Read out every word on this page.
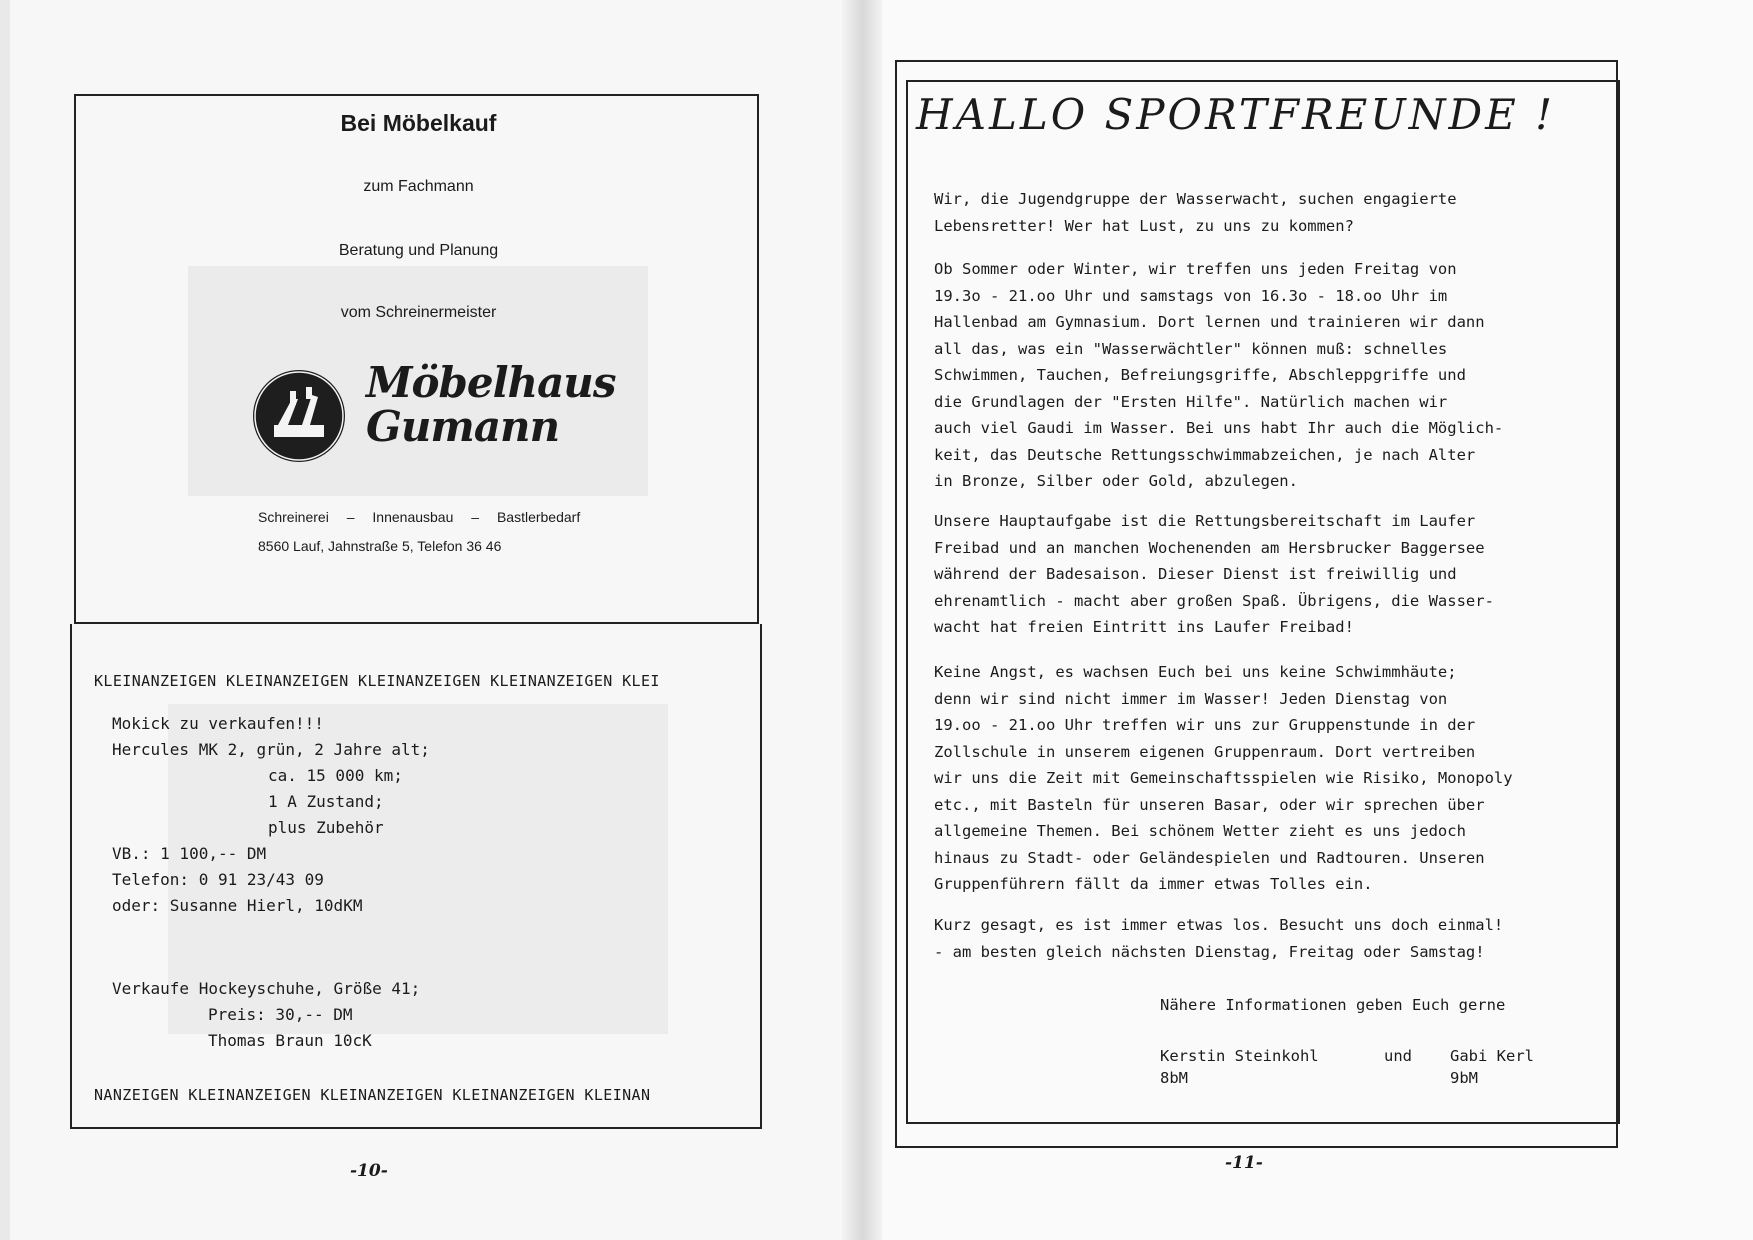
Bei Möbelkauf
zum Fachmann
Beratung und Planung
vom Schreinermeister
Möbelhaus
Gumann
Schreinerei – Innenausbau – Bastlerbedarf
8560 Lauf, Jahnstraße 5, Telefon 36 46
KLEINANZEIGEN KLEINANZEIGEN KLEINANZEIGEN KLEINANZEIGEN KLEI
Mokick zu verkaufen!!!
Hercules MK 2, grün, 2 Jahre alt;
ca. 15 000 km;
1 A Zustand;
plus Zubehör
VB.: 1 100,-- DM
Telefon: 0 91 23/43 09
oder: Susanne Hierl, 10dKM
Verkaufe Hockeyschuhe, Größe 41;
Preis: 30,-- DM
Thomas Braun 10cK
NANZEIGEN KLEINANZEIGEN KLEINANZEIGEN KLEINANZEIGEN KLEINAN
-10-
HALLO SPORTFREUNDE !
Wir, die Jugendgruppe der Wasserwacht, suchen engagierte
Lebensretter! Wer hat Lust, zu uns zu kommen?
Ob Sommer oder Winter, wir treffen uns jeden Freitag von
19.3o - 21.oo Uhr und samstags von 16.3o - 18.oo Uhr im
Hallenbad am Gymnasium. Dort lernen und trainieren wir dann
all das, was ein "Wasserwächtler" können muß: schnelles
Schwimmen, Tauchen, Befreiungsgriffe, Abschleppgriffe und
die Grundlagen der "Ersten Hilfe". Natürlich machen wir
auch viel Gaudi im Wasser. Bei uns habt Ihr auch die Möglich-
keit, das Deutsche Rettungsschwimmabzeichen, je nach Alter
in Bronze, Silber oder Gold, abzulegen.
Unsere Hauptaufgabe ist die Rettungsbereitschaft im Laufer
Freibad und an manchen Wochenenden am Hersbrucker Baggersee
während der Badesaison. Dieser Dienst ist freiwillig und
ehrenamtlich - macht aber großen Spaß. Übrigens, die Wasser-
wacht hat freien Eintritt ins Laufer Freibad!
Keine Angst, es wachsen Euch bei uns keine Schwimmhäute;
denn wir sind nicht immer im Wasser! Jeden Dienstag von
19.oo - 21.oo Uhr treffen wir uns zur Gruppenstunde in der
Zollschule in unserem eigenen Gruppenraum. Dort vertreiben
wir uns die Zeit mit Gemeinschaftsspielen wie Risiko, Monopoly
etc., mit Basteln für unseren Basar, oder wir sprechen über
allgemeine Themen. Bei schönem Wetter zieht es uns jedoch
hinaus zu Stadt- oder Geländespielen und Radtouren. Unseren
Gruppenführern fällt da immer etwas Tolles ein.
Kurz gesagt, es ist immer etwas los. Besucht uns doch einmal!
- am besten gleich nächsten Dienstag, Freitag oder Samstag!
Nähere Informationen geben Euch gerne
Kerstin Steinkohl
8bM
und Gabi Kerl
9bM
-11-
